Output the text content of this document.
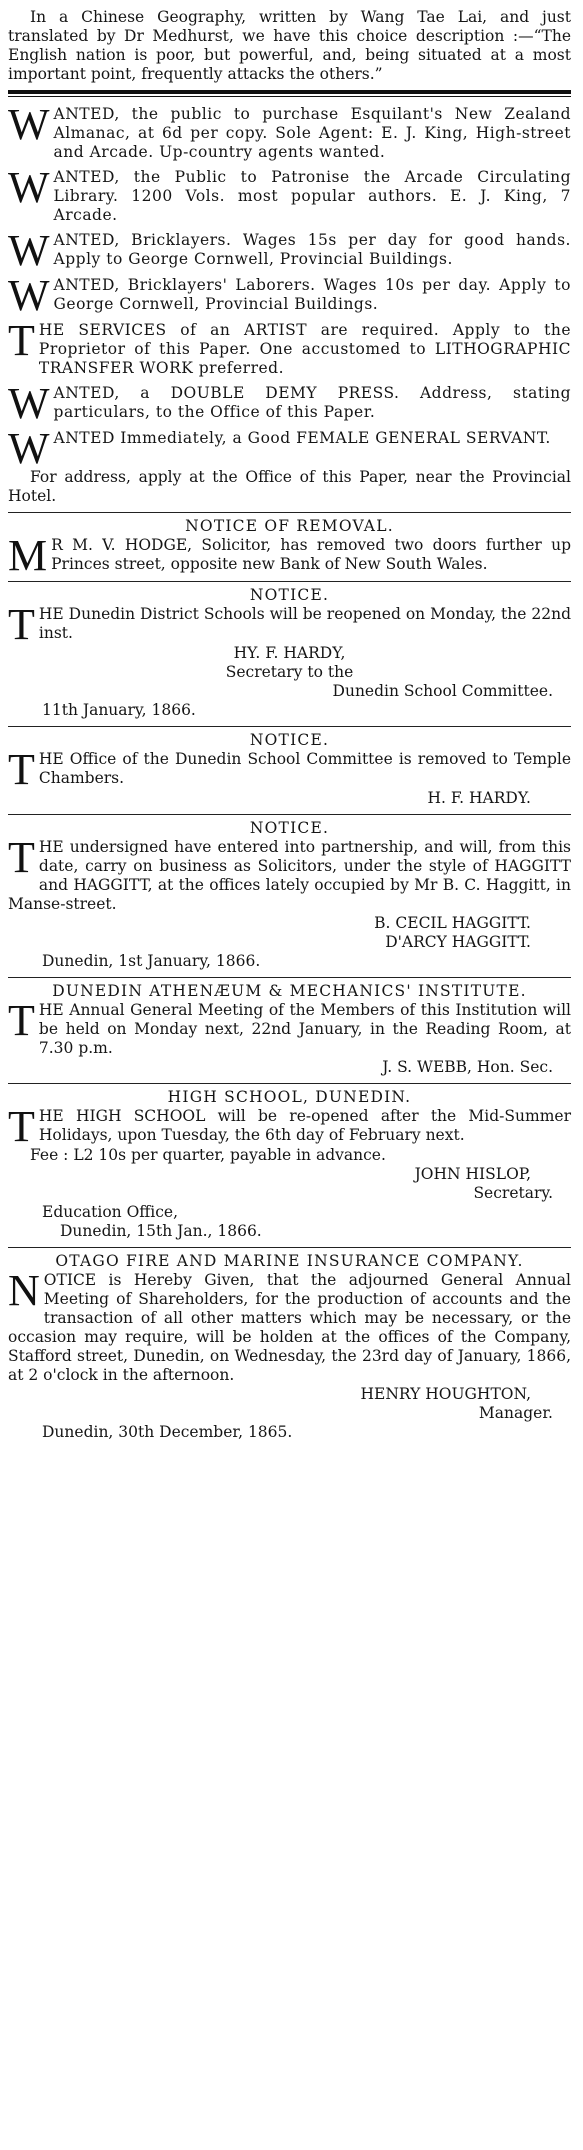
In a Chinese Geography, written by Wang Tae Lai, and just translated by Dr Medhurst, we have this choice description :—“The English nation is poor, but powerful, and, being situated at a most important point, frequently attacks the others.”

W ANTED, the public to purchase Esquilant's New Zealand Almanac, at 6d per copy. Sole Agent: E. J. King, High-street and Arcade. Up-country agents wanted.

W ANTED, the Public to Patronise the Arcade Circulating Library. 1200 Vols. most popular authors. E. J. King, 7 Arcade.

W ANTED, Bricklayers. Wages 15s per day for good hands. Apply to George Cornwell, Provincial Buildings.

W ANTED, Bricklayers' Laborers. Wages 10s per day. Apply to George Cornwell, Provincial Buildings.

T HE SERVICES of an ARTIST are required. Apply to the Proprietor of this Paper. One accustomed to LITHOGRAPHIC TRANSFER WORK preferred.

W ANTED, a DOUBLE DEMY PRESS. Address, stating particulars, to the Office of this Paper.

W ANTED Immediately, a Good FEMALE GENERAL SERVANT.

For address, apply at the Office of this Paper, near the Provincial Hotel.

NOTICE OF REMOVAL.

M R M. V. HODGE, Solicitor, has removed two doors further up Princes street, opposite new Bank of New South Wales.

NOTICE.

T HE Dunedin District Schools will be reopened on Monday, the 22nd inst.

HY. F. HARDY,

Secretary to the

Dunedin School Committee.

11th January, 1866.

NOTICE.

T HE Office of the Dunedin School Committee is removed to Temple Chambers.

H. F. HARDY.

NOTICE.

T HE undersigned have entered into partnership, and will, from this date, carry on business as Solicitors, under the style of HAGGITT and HAGGITT, at the offices lately occupied by Mr B. C. Haggitt, in Manse-street.

B. CECIL HAGGITT.

D'ARCY HAGGITT.

Dunedin, 1st January, 1866.

DUNEDIN ATHENÆUM & MECHANICS' INSTITUTE.

T HE Annual General Meeting of the Members of this Institution will be held on Monday next, 22nd January, in the Reading Room, at 7.30 p.m.

J. S. WEBB, Hon. Sec.

HIGH SCHOOL, DUNEDIN.

T HE HIGH SCHOOL will be re-opened after the Mid-Summer Holidays, upon Tuesday, the 6th day of February next.

Fee : L2 10s per quarter, payable in advance.

JOHN HISLOP,

Secretary.

Education Office,

Dunedin, 15th Jan., 1866.

OTAGO FIRE AND MARINE INSURANCE COMPANY.

N OTICE is Hereby Given, that the adjourned General Annual Meeting of Shareholders, for the production of accounts and the transaction of all other matters which may be necessary, or the occasion may require, will be holden at the offices of the Company, Stafford street, Dunedin, on Wednesday, the 23rd day of January, 1866, at 2 o'clock in the afternoon.

HENRY HOUGHTON,

Manager.

Dunedin, 30th December, 1865.
